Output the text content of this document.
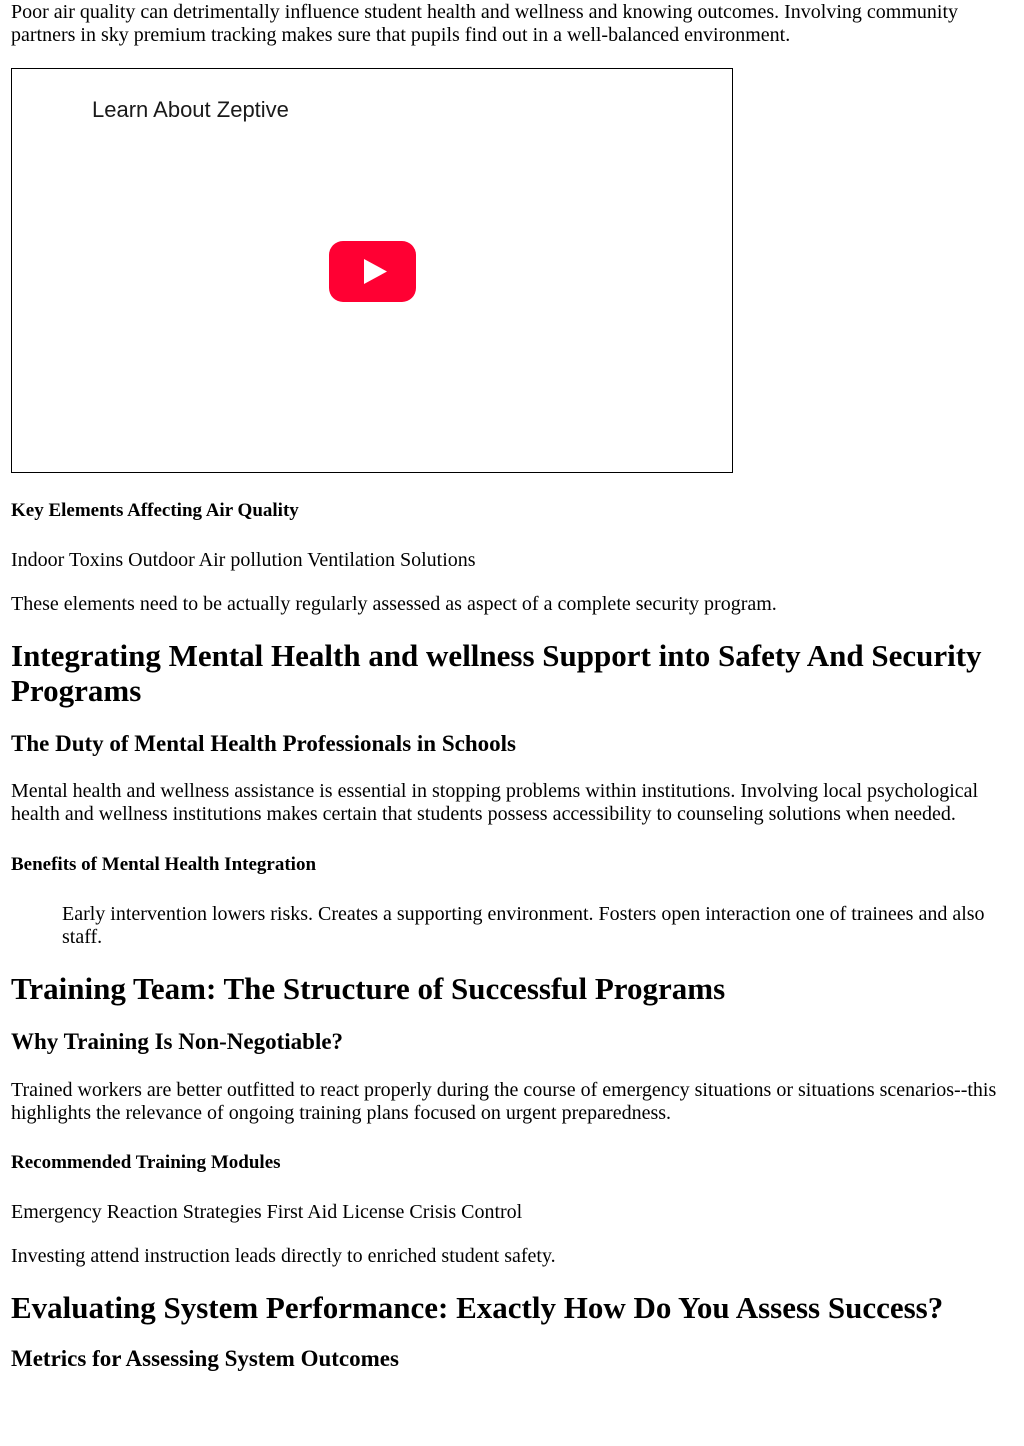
Poor air quality can detrimentally influence student health and wellness and knowing outcomes. Involving community partners in sky premium tracking makes sure that pupils find out in a well-balanced environment.

Learn About Zeptive
Key Elements Affecting Air Quality

Indoor Toxins Outdoor Air pollution Ventilation Solutions

These elements need to be actually regularly assessed as aspect of a complete security program.

Integrating Mental Health and wellness Support into Safety And Security Programs
The Duty of Mental Health Professionals in Schools

Mental health and wellness assistance is essential in stopping problems within institutions. Involving local psychological health and wellness institutions makes certain that students possess accessibility to counseling solutions when needed.

Benefits of Mental Health Integration

Early intervention lowers risks. Creates a supporting environment. Fosters open interaction one of trainees and also staff.

Training Team: The Structure of Successful Programs
Why Training Is Non-Negotiable?

Trained workers are better outfitted to react properly during the course of emergency situations or situations scenarios--this highlights the relevance of ongoing training plans focused on urgent preparedness.

Recommended Training Modules

Emergency Reaction Strategies First Aid License Crisis Control

Investing attend instruction leads directly to enriched student safety.

Evaluating System Performance: Exactly How Do You Assess Success?
Metrics for Assessing System Outcomes
